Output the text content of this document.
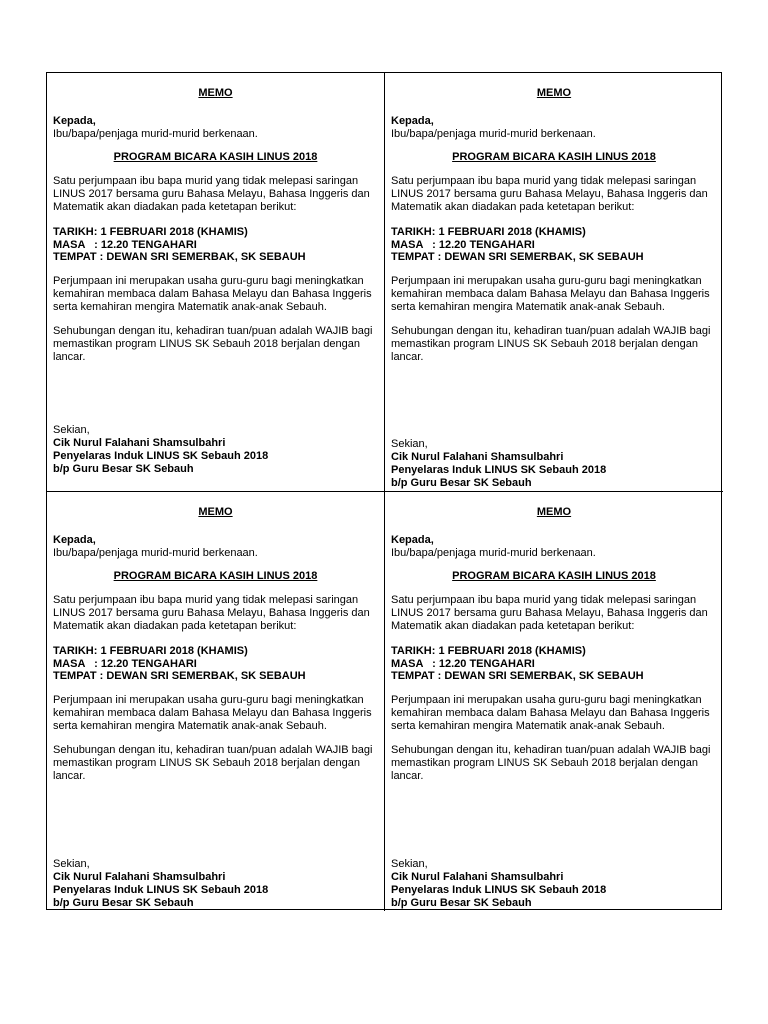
MEMO
Kepada,
Ibu/bapa/penjaga murid-murid berkenaan.
PROGRAM BICARA KASIH LINUS 2018
Satu perjumpaan ibu bapa murid yang tidak melepasi saringan LINUS 2017 bersama guru Bahasa Melayu, Bahasa Inggeris dan Matematik akan diadakan pada ketetapan berikut:
TARIKH: 1 FEBRUARI 2018 (KHAMIS)
MASA   : 12.20 TENGAHARI
TEMPAT : DEWAN SRI SEMERBAK, SK SEBAUH
Perjumpaan ini merupakan usaha guru-guru bagi meningkatkan kemahiran membaca dalam Bahasa Melayu dan Bahasa Inggeris serta kemahiran mengira Matematik anak-anak Sebauh.
Sehubungan dengan itu, kehadiran tuan/puan adalah WAJIB bagi memastikan program LINUS SK Sebauh 2018 berjalan dengan lancar.
Sekian,
Cik Nurul Falahani Shamsulbahri
Penyelaras Induk LINUS SK Sebauh 2018
b/p Guru Besar SK Sebauh
MEMO
Kepada,
Ibu/bapa/penjaga murid-murid berkenaan.
PROGRAM BICARA KASIH LINUS 2018
Satu perjumpaan ibu bapa murid yang tidak melepasi saringan LINUS 2017 bersama guru Bahasa Melayu, Bahasa Inggeris dan Matematik akan diadakan pada ketetapan berikut:
TARIKH: 1 FEBRUARI 2018 (KHAMIS)
MASA   : 12.20 TENGAHARI
TEMPAT : DEWAN SRI SEMERBAK, SK SEBAUH
Perjumpaan ini merupakan usaha guru-guru bagi meningkatkan kemahiran membaca dalam Bahasa Melayu dan Bahasa Inggeris serta kemahiran mengira Matematik anak-anak Sebauh.
Sehubungan dengan itu, kehadiran tuan/puan adalah WAJIB bagi memastikan program LINUS SK Sebauh 2018 berjalan dengan lancar.
Sekian,
Cik Nurul Falahani Shamsulbahri
Penyelaras Induk LINUS SK Sebauh 2018
b/p Guru Besar SK Sebauh
MEMO
Kepada,
Ibu/bapa/penjaga murid-murid berkenaan.
PROGRAM BICARA KASIH LINUS 2018
Satu perjumpaan ibu bapa murid yang tidak melepasi saringan LINUS 2017 bersama guru Bahasa Melayu, Bahasa Inggeris dan Matematik akan diadakan pada ketetapan berikut:
TARIKH: 1 FEBRUARI 2018 (KHAMIS)
MASA   : 12.20 TENGAHARI
TEMPAT : DEWAN SRI SEMERBAK, SK SEBAUH
Perjumpaan ini merupakan usaha guru-guru bagi meningkatkan kemahiran membaca dalam Bahasa Melayu dan Bahasa Inggeris serta kemahiran mengira Matematik anak-anak Sebauh.
Sehubungan dengan itu, kehadiran tuan/puan adalah WAJIB bagi memastikan program LINUS SK Sebauh 2018 berjalan dengan lancar.
Sekian,
Cik Nurul Falahani Shamsulbahri
Penyelaras Induk LINUS SK Sebauh 2018
b/p Guru Besar SK Sebauh
MEMO
Kepada,
Ibu/bapa/penjaga murid-murid berkenaan.
PROGRAM BICARA KASIH LINUS 2018
Satu perjumpaan ibu bapa murid yang tidak melepasi saringan LINUS 2017 bersama guru Bahasa Melayu, Bahasa Inggeris dan Matematik akan diadakan pada ketetapan berikut:
TARIKH: 1 FEBRUARI 2018 (KHAMIS)
MASA   : 12.20 TENGAHARI
TEMPAT : DEWAN SRI SEMERBAK, SK SEBAUH
Perjumpaan ini merupakan usaha guru-guru bagi meningkatkan kemahiran membaca dalam Bahasa Melayu dan Bahasa Inggeris serta kemahiran mengira Matematik anak-anak Sebauh.
Sehubungan dengan itu, kehadiran tuan/puan adalah WAJIB bagi memastikan program LINUS SK Sebauh 2018 berjalan dengan lancar.
Sekian,
Cik Nurul Falahani Shamsulbahri
Penyelaras Induk LINUS SK Sebauh 2018
b/p Guru Besar SK Sebauh
